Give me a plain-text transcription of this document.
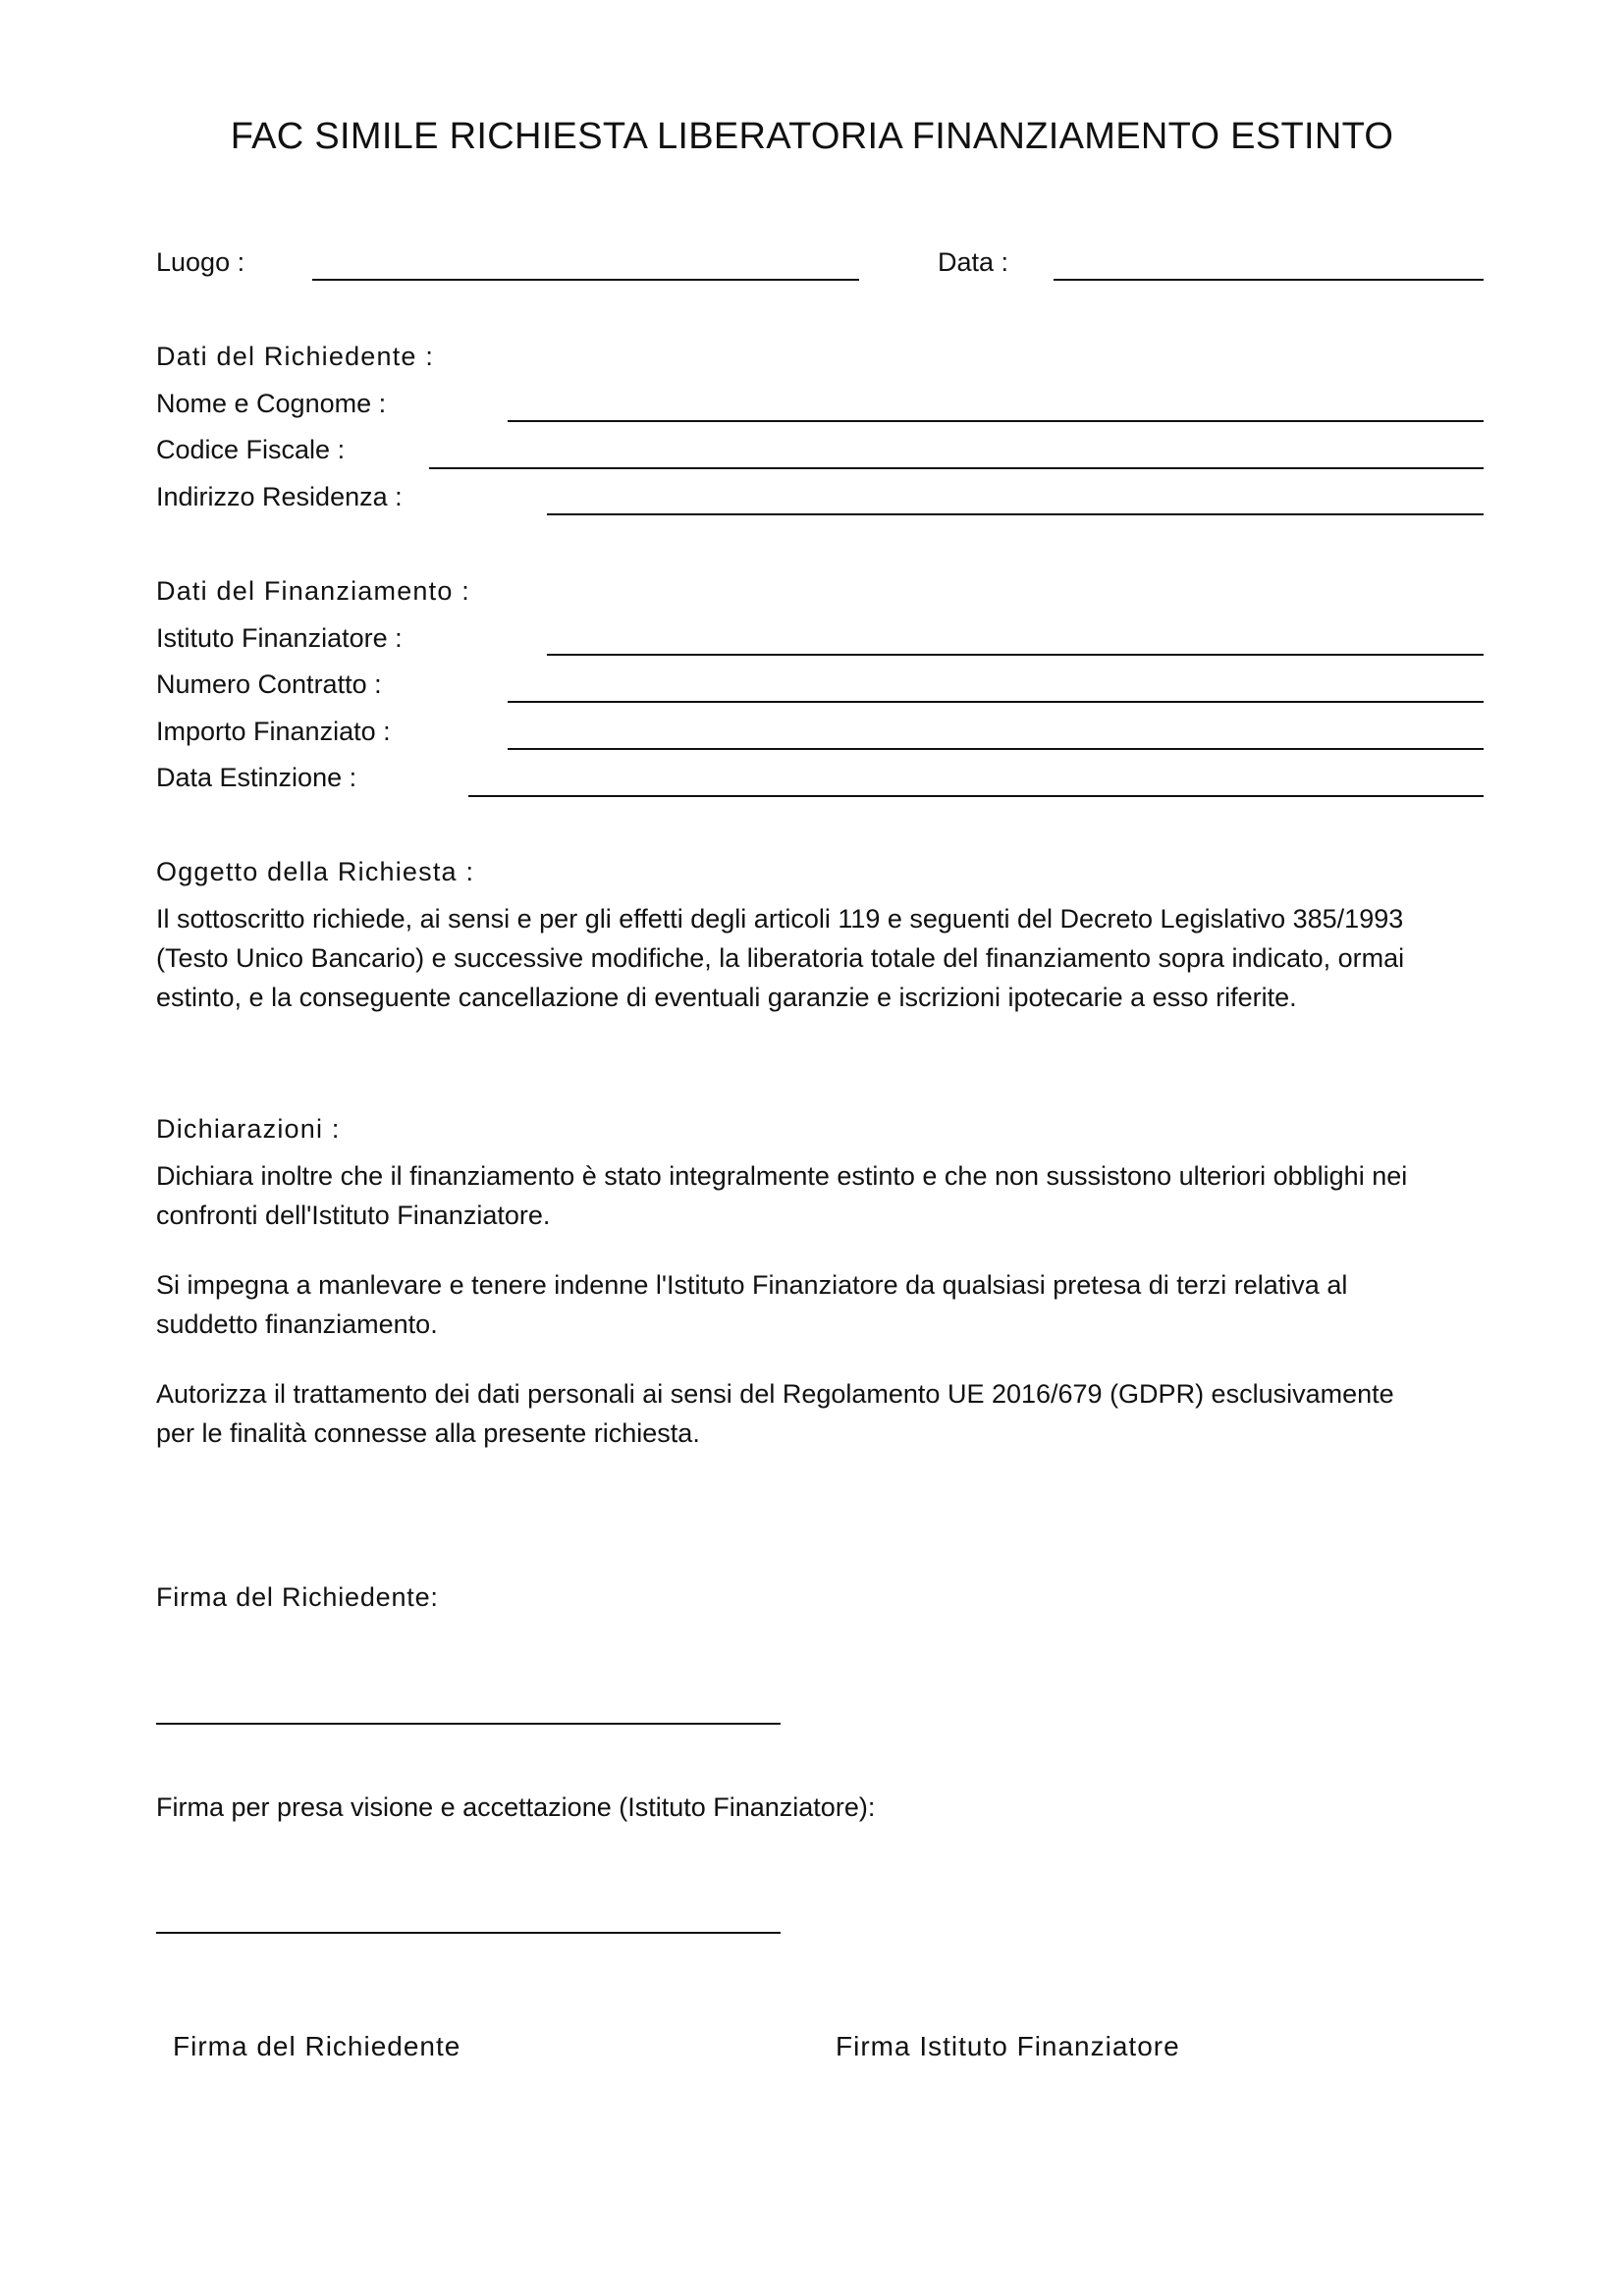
FAC SIMILE RICHIESTA LIBERATORIA FINANZIAMENTO ESTINTO
Luogo :	Data :
Dati del Richiedente :
Nome e Cognome :
Codice Fiscale :
Indirizzo Residenza :
Dati del Finanziamento :
Istituto Finanziatore :
Numero Contratto :
Importo Finanziato :
Data Estinzione :
Oggetto della Richiesta :
Il sottoscritto richiede, ai sensi e per gli effetti degli articoli 119 e seguenti del Decreto Legislativo 385/1993
(Testo Unico Bancario) e successive modifiche, la liberatoria totale del finanziamento sopra indicato, ormai
estinto, e la conseguente cancellazione di eventuali garanzie e iscrizioni ipotecarie a esso riferite.
Dichiarazioni :
Dichiara inoltre che il finanziamento è stato integralmente estinto e che non sussistono ulteriori obblighi nei
confronti dell'Istituto Finanziatore.
Si impegna a manlevare e tenere indenne l'Istituto Finanziatore da qualsiasi pretesa di terzi relativa al
suddetto finanziamento.
Autorizza il trattamento dei dati personali ai sensi del Regolamento UE 2016/679 (GDPR) esclusivamente
per le finalità connesse alla presente richiesta.
Firma del Richiedente:
Firma per presa visione e accettazione (Istituto Finanziatore):
Firma del Richiedente	Firma Istituto Finanziatore
